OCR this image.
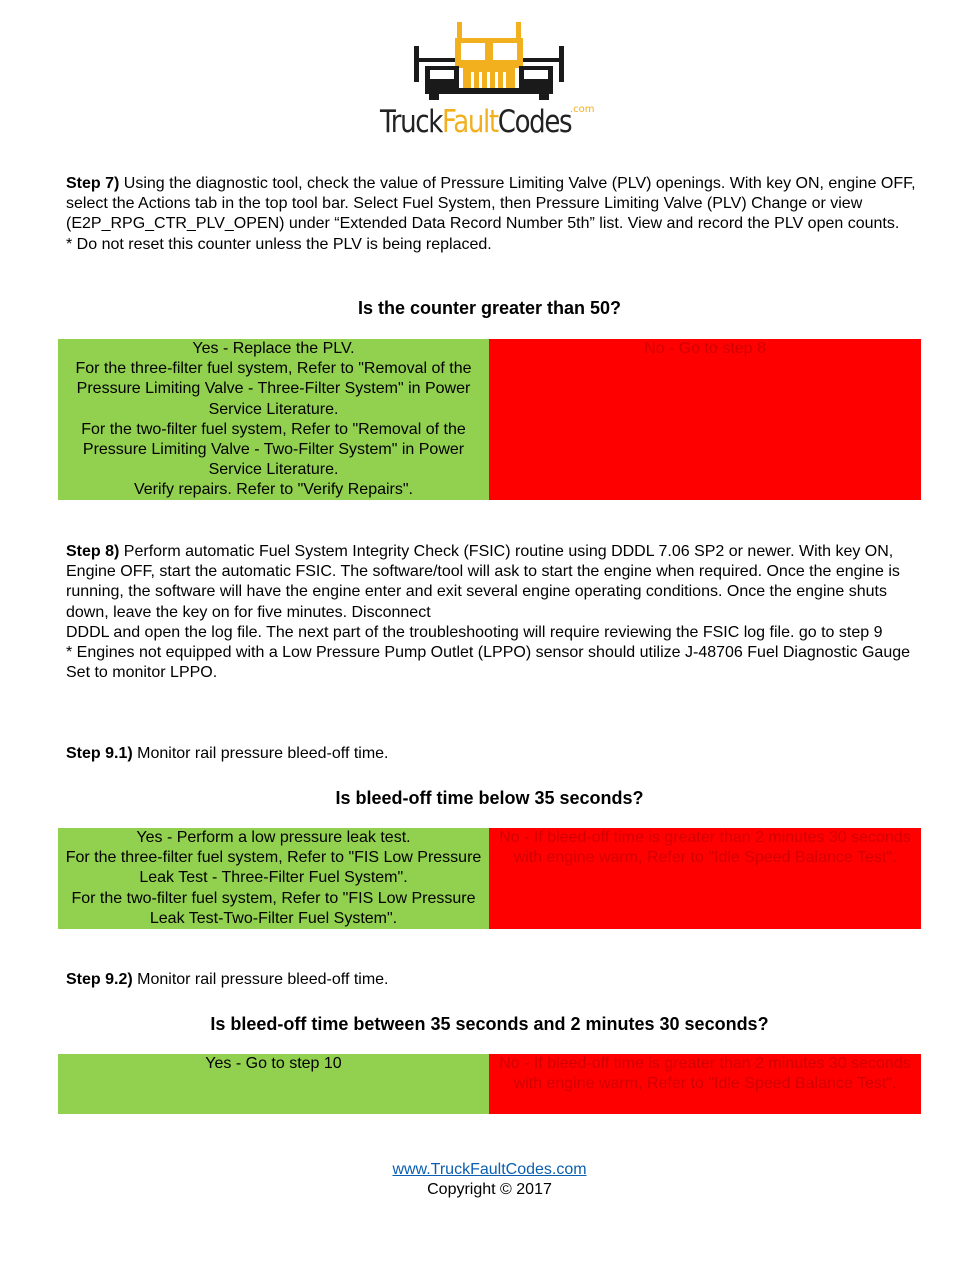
TruckFaultCodes
.com

Step 7) Using the diagnostic tool, check the value of Pressure Limiting Valve (PLV) openings. With key ON, engine OFF, select the Actions tab in the top tool bar. Select Fuel System, then Pressure Limiting Valve (PLV) Change or view (E2P_RPG_CTR_PLV_OPEN) under “Extended Data Record Number 5th” list. View and record the PLV open counts.
* Do not reset this counter unless the PLV is being replaced.

Is the counter greater than 50?

Yes - Replace the PLV.
For the three-filter fuel system, Refer to "Removal of the Pressure Limiting Valve - Three-Filter System" in Power Service Literature.
For the two-filter fuel system, Refer to "Removal of the Pressure Limiting Valve - Two-Filter System" in Power Service Literature.
Verify repairs. Refer to "Verify Repairs".
No - Go to step 8

Step 8) Perform automatic Fuel System Integrity Check (FSIC) routine using DDDL 7.06 SP2 or newer. With key ON, Engine OFF, start the automatic FSIC. The software/tool will ask to start the engine when required. Once the engine is running, the software will have the engine enter and exit several engine operating conditions. Once the engine shuts down, leave the key on for five minutes. Disconnect
DDDL and open the log file. The next part of the troubleshooting will require reviewing the FSIC log file. go to step 9
* Engines not equipped with a Low Pressure Pump Outlet (LPPO) sensor should utilize J-48706 Fuel Diagnostic Gauge Set to monitor LPPO.

Step 9.1) Monitor rail pressure bleed-off time.

Is bleed-off time below 35 seconds?

Yes - Perform a low pressure leak test.
For the three-filter fuel system, Refer to "FIS Low Pressure Leak Test - Three-Filter Fuel System".
For the two-filter fuel system, Refer to "FIS Low Pressure Leak Test-Two-Filter Fuel System".
No - If bleed-off time is greater than 2 minutes 30 seconds with engine warm, Refer to "Idle Speed Balance Test".

Step 9.2) Monitor rail pressure bleed-off time.

Is bleed-off time between 35 seconds and 2 minutes 30 seconds?

Yes - Go to step 10	No - If bleed-off time is greater than 2 minutes 30 seconds with engine warm, Refer to "Idle Speed Balance Test".
www.TruckFaultCodes.com
Copyright © 2017
